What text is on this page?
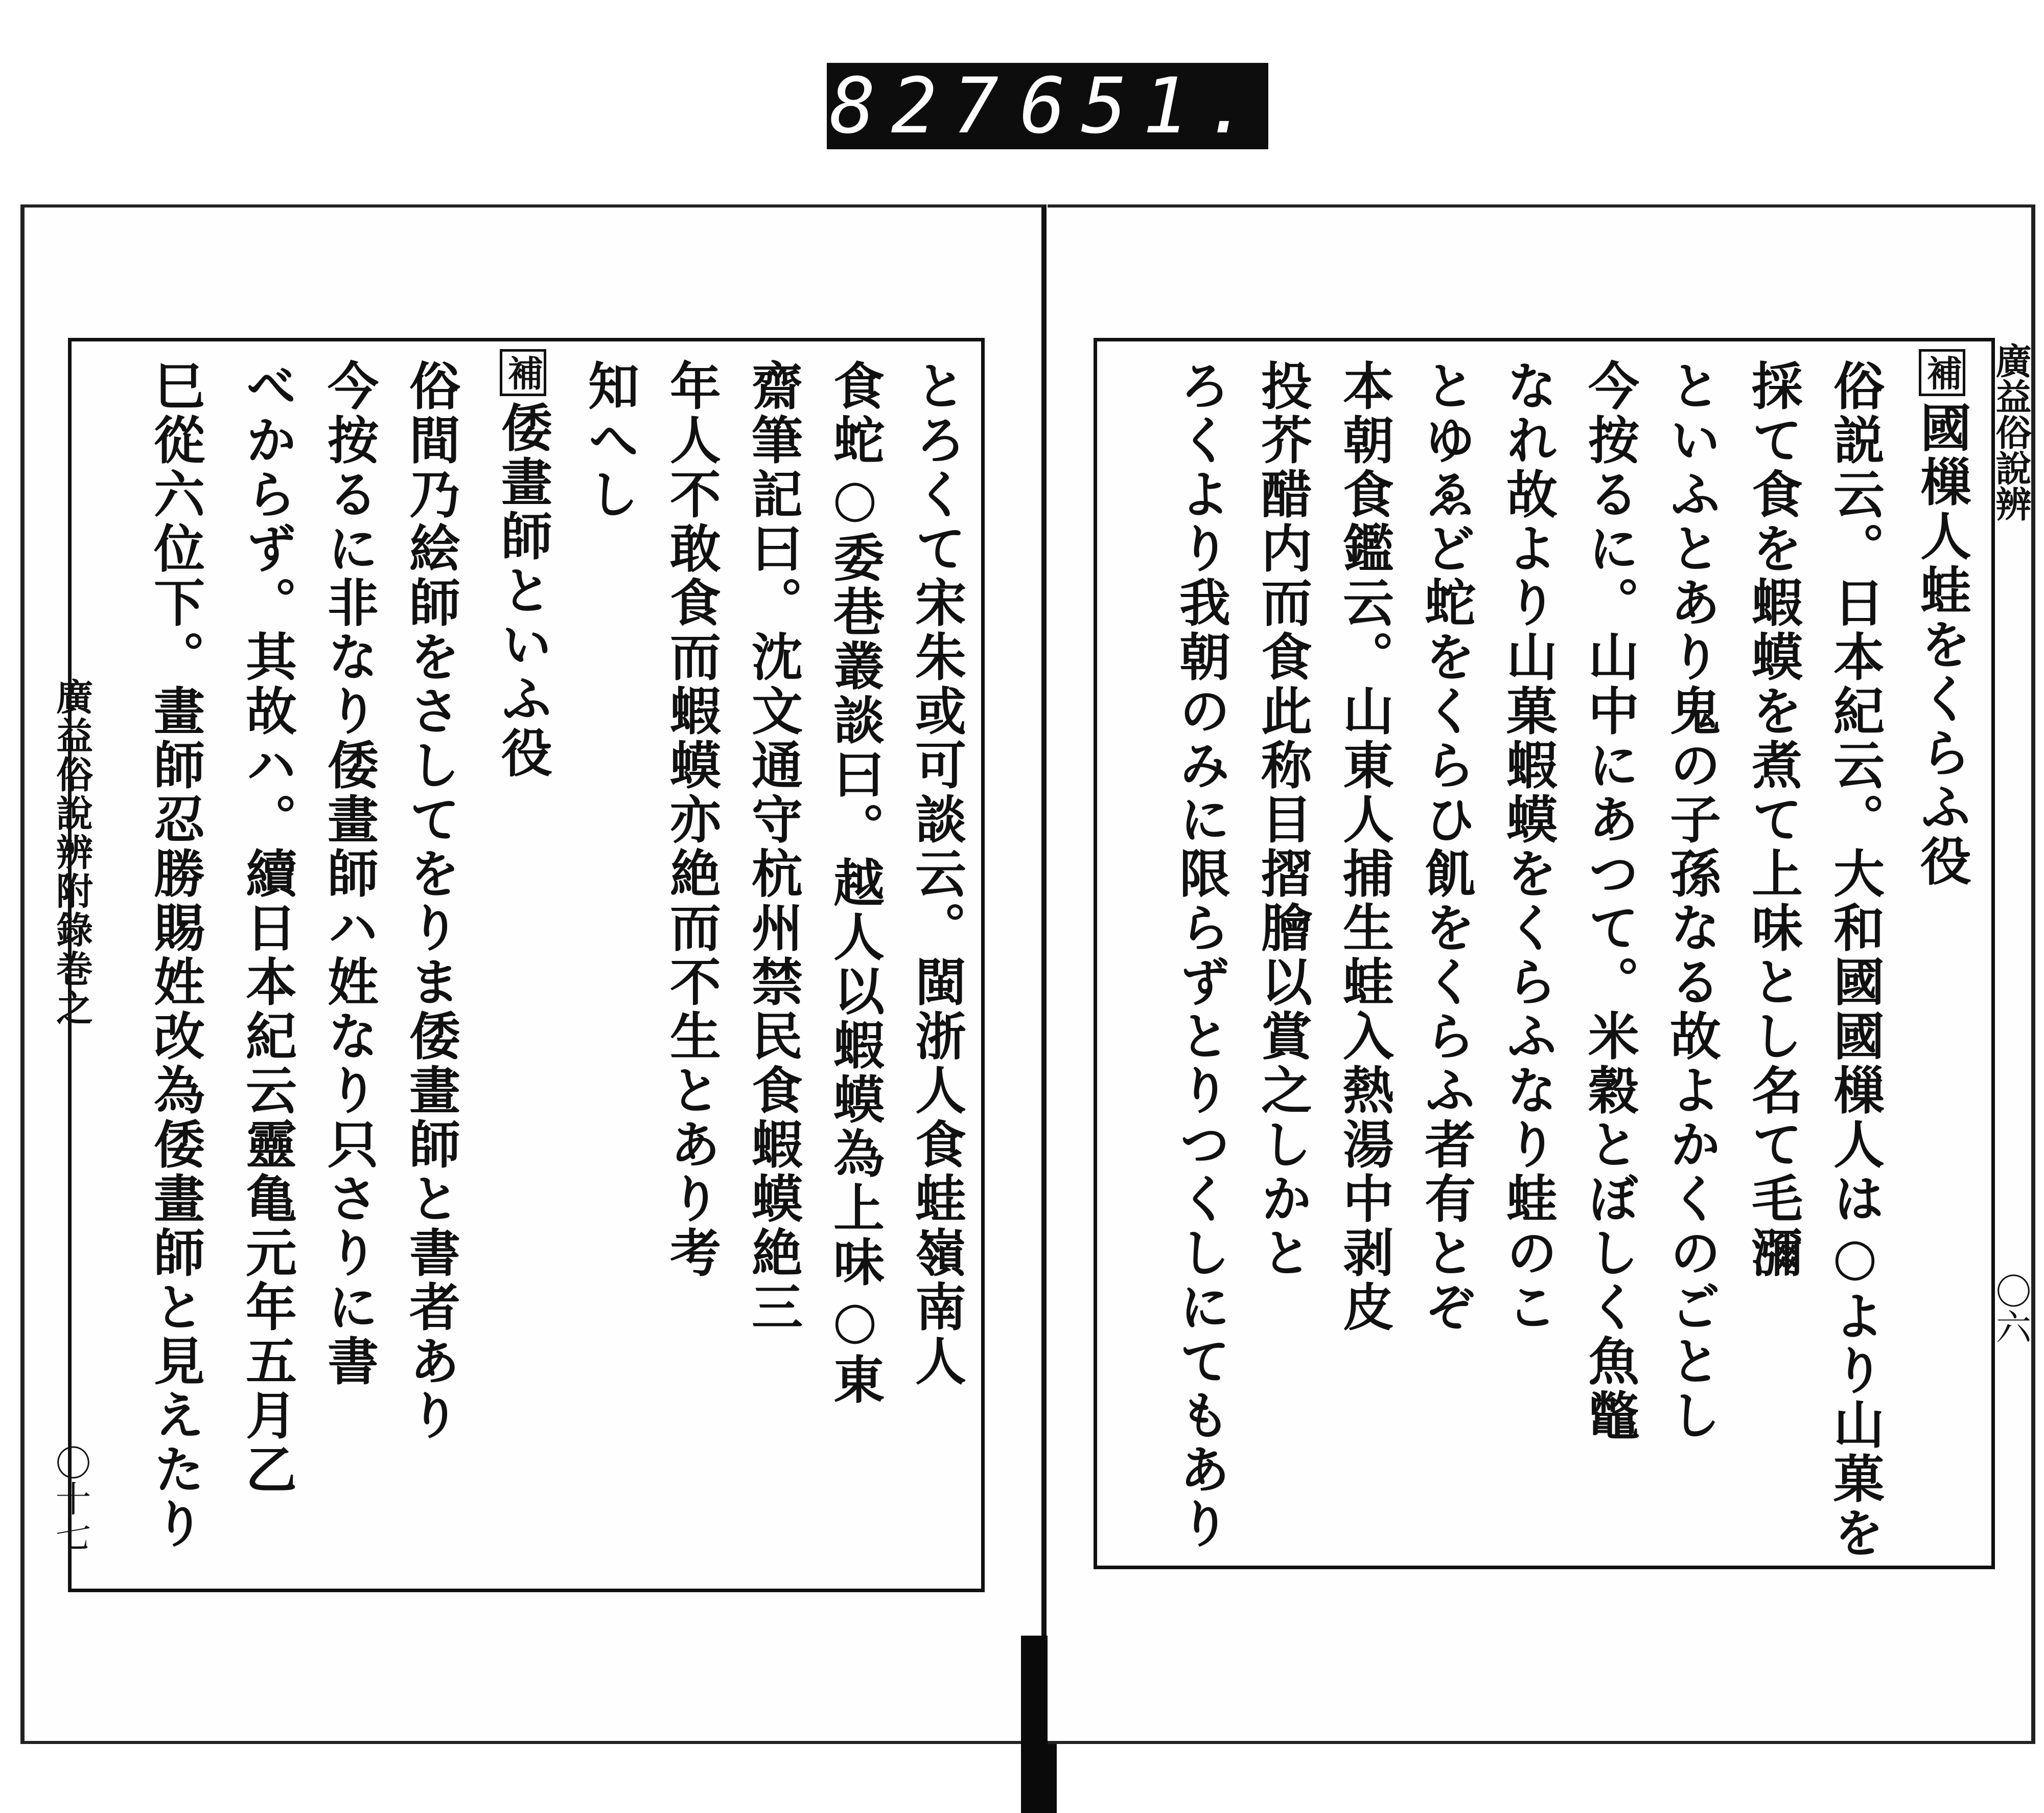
827 651.
とろくて宋朱或可談云。閩浙人食蛙嶺南人
食蛇○委巷叢談曰。越人以蝦蟆為上味○東
齋筆記曰。沈文通守杭州禁民食蝦蟆絶三
年人不敢食而蝦蟆亦絶而不生とあり考
知へし
補倭畫師といふ役
俗間乃絵師をさしてをりま倭畫師と書者あり
今按るに非なり倭畫師ハ姓なり只さりに書
べからず。其故ハ。續日本紀云靈亀元年五月乙
巳從六位下。畫師忍勝賜姓改為倭畫師と見えたり
廣益俗說辨附錄巻之
〇十七
補國樔人蛙をくらふ役
俗説云。日本紀云。大和國國樔人は○より山菓を
採て食を蝦蟆を煮て上味とし名て毛瀰
といふとあり鬼の子孫なる故よかくのごとし
今按るに。山中にあつて。米穀とぼしく魚鼈
なれ故より山菓蝦蟆をくらふなり蛙のこ
とゆゑど蛇をくらひ飢をくらふ者有とぞ
本朝食鑑云。山東人捕生蛙入熱湯中剥皮
投芥醋内而食此称目摺膾以賞之しかと
ろくより我朝のみに限らずとりつくしにてもあり	廣益俗說辨
〇六
